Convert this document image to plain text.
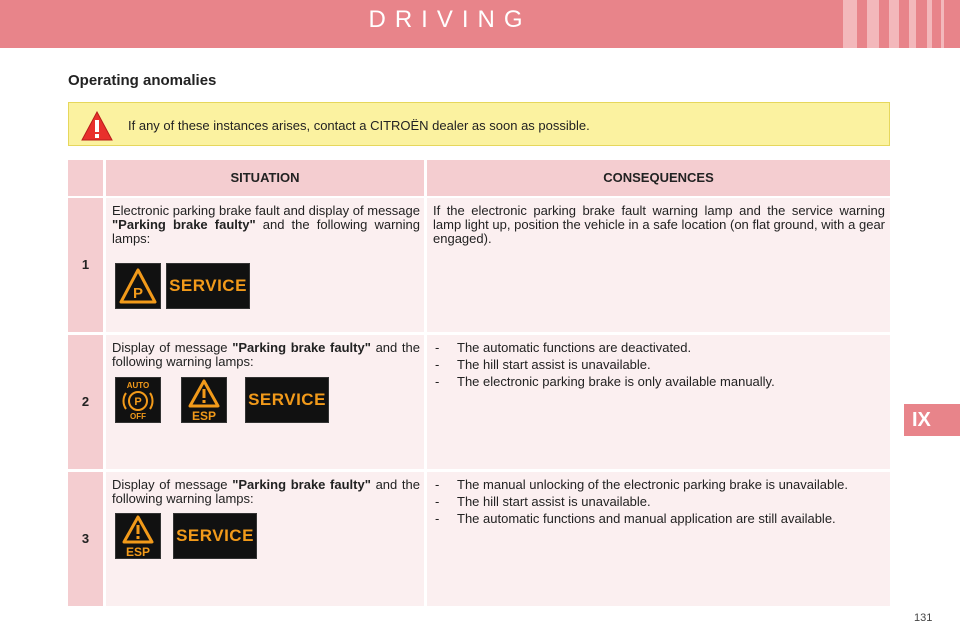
DRIVING
Operating anomalies
If any of these instances arises, contact a CITROËN dealer as soon as possible.
IX
SITUATION	CONSEQUENCES
1
Electronic parking brake fault and display of message "Parking brake faulty" and the following warning lamps:
P SERVICE
If the electronic parking brake fault warning lamp and the service warning lamp light up, position the vehicle in a safe location (on flat ground, with a gear engaged).
2
Display of message "Parking brake faulty" and the following warning lamps:
AUTO
P
OFF	ESP
SERVICE
- The automatic functions are deactivated.
- The hill start assist is unavailable.
- The electronic parking brake is only available manually.
3
Display of message "Parking brake faulty" and the following warning lamps:
ESP
SERVICE
- The manual unlocking of the electronic parking brake is unavailable.
- The hill start assist is unavailable.
- The automatic functions and manual application are still available.
131
